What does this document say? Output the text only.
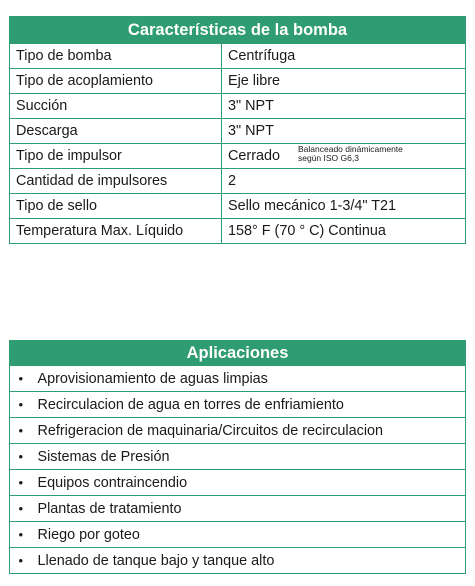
Características de la bomba	
Tipo de bomba	Centrífuga
Tipo de acoplamiento	Eje libre
Succión	3" NPT
Descarga	3" NPT
Tipo de impulsor	Cerrado Balanceado dinámicamente
según ISO G6,3
Cantidad de impulsores	2
Tipo de sello	Sello mecánico 1-3/4" T21
Temperatura Max. Líquido	158° F (70 ° C) Continua
Aplicaciones	
•	Aprovisionamiento de aguas limpias
•	Recirculacion de agua en torres de enfriamiento
•	Refrigeracion de maquinaria/Circuitos de recirculacion
•	Sistemas de Presión
•	Equipos contraincendio
•	Plantas de tratamiento
•	Riego por goteo
•	Llenado de tanque bajo y tanque alto
